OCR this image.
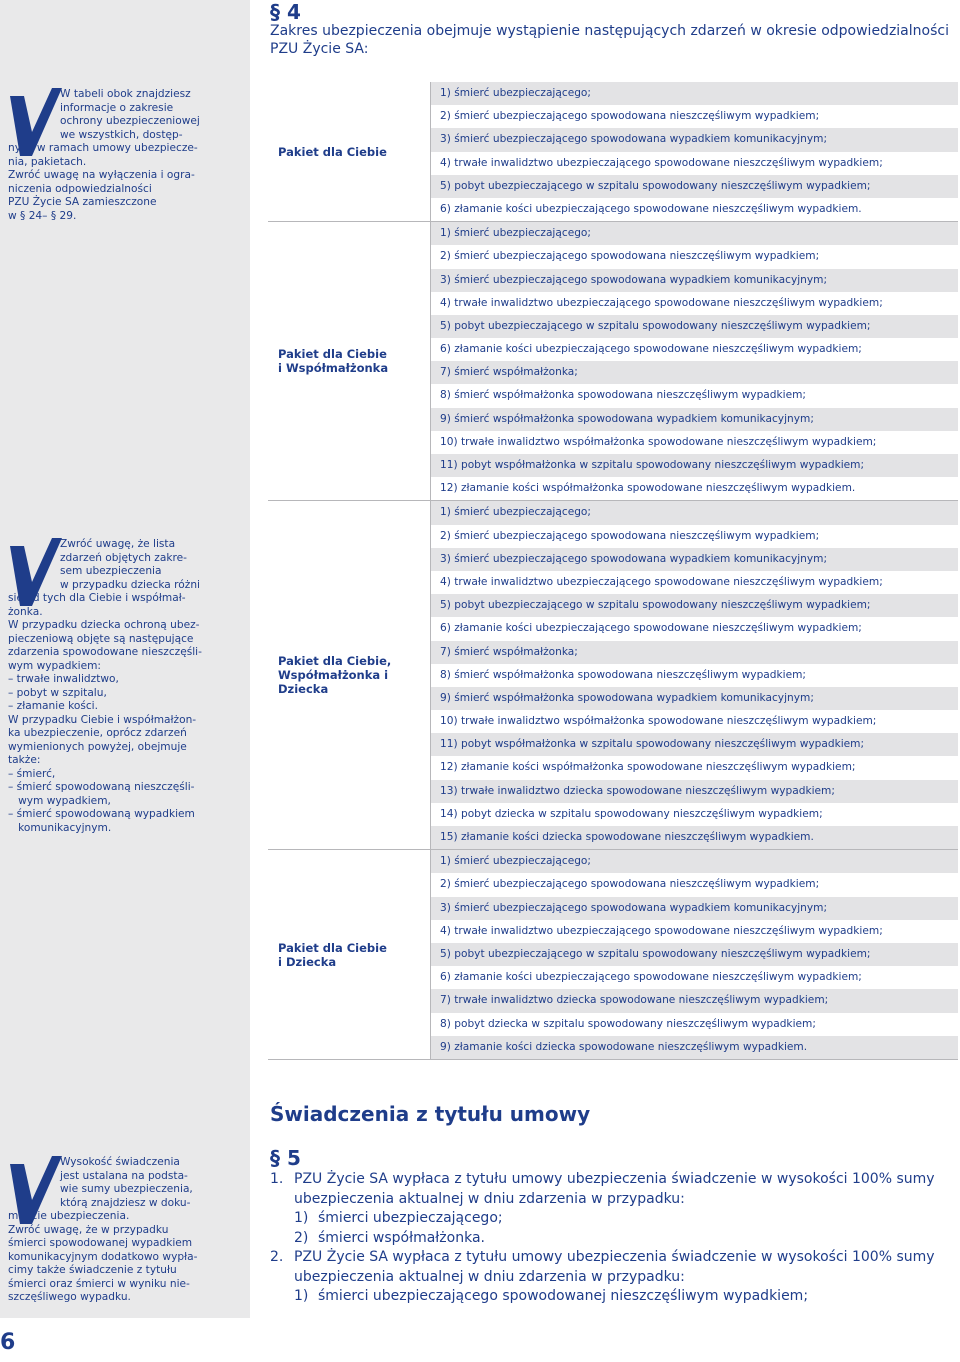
W tabeli obok znajdziesz
informacje o zakresie
ochrony ubezpieczeniowej
we wszystkich, dostęp-
nych w ramach umowy ubezpiecze-
nia, pakietach.
Zwróć uwagę na wyłączenia i ogra-
niczenia odpowiedzialności
PZU Życie SA zamieszczone
w § 24– § 29.
Zwróć uwagę, że lista
zdarzeń objętych zakre-
sem ubezpieczenia
w przypadku dziecka różni
się od tych dla Ciebie i współmał-
żonka.
W przypadku dziecka ochroną ubez-
pieczeniową objęte są następujące
zdarzenia spowodowane nieszczęśli-
wym wypadkiem:
– trwałe inwalidztwo,
– pobyt w szpitalu,
– złamanie kości.
W przypadku Ciebie i współmałżon-
ka ubezpieczenie, oprócz zdarzeń
wymienionych powyżej, obejmuje
także:
– śmierć,
– śmierć spowodowaną nieszczęśli-
wym wypadkiem,
– śmierć spowodowaną wypadkiem
komunikacyjnym.
Wysokość świadczenia
jest ustalana na podsta-
wie sumy ubezpieczenia,
którą znajdziesz w doku-
mencie ubezpieczenia.
Zwróć uwagę, że w przypadku
śmierci spowodowanej wypadkiem
komunikacyjnym dodatkowo wypła-
cimy także świadczenie z tytułu
śmierci oraz śmierci w wyniku nie-
szczęśliwego wypadku.
6
§ 4
Zakres ubezpieczenia obejmuje wystąpienie następujących zdarzeń w okresie odpowiedzialności PZU Życie SA:
Pakiet dla Ciebie
1) śmierć ubezpieczającego;
2) śmierć ubezpieczającego spowodowana nieszczęśliwym wypadkiem;
3) śmierć ubezpieczającego spowodowana wypadkiem komunikacyjnym;
4) trwałe inwalidztwo ubezpieczającego spowodowane nieszczęśliwym wypadkiem;
5) pobyt ubezpieczającego w szpitalu spowodowany nieszczęśliwym wypadkiem;
6) złamanie kości ubezpieczającego spowodowane nieszczęśliwym wypadkiem.
Pakiet dla Ciebie
i Współmałżonka
1) śmierć ubezpieczającego;
2) śmierć ubezpieczającego spowodowana nieszczęśliwym wypadkiem;
3) śmierć ubezpieczającego spowodowana wypadkiem komunikacyjnym;
4) trwałe inwalidztwo ubezpieczającego spowodowane nieszczęśliwym wypadkiem;
5) pobyt ubezpieczającego w szpitalu spowodowany nieszczęśliwym wypadkiem;
6) złamanie kości ubezpieczającego spowodowane nieszczęśliwym wypadkiem;
7) śmierć współmałżonka;
8) śmierć współmałżonka spowodowana nieszczęśliwym wypadkiem;
9) śmierć współmałżonka spowodowana wypadkiem komunikacyjnym;
10) trwałe inwalidztwo współmałżonka spowodowane nieszczęśliwym wypadkiem;
11) pobyt współmałżonka w szpitalu spowodowany nieszczęśliwym wypadkiem;
12) złamanie kości współmałżonka spowodowane nieszczęśliwym wypadkiem.
Pakiet dla Ciebie,
Współmałżonka i Dziecka
1) śmierć ubezpieczającego;
2) śmierć ubezpieczającego spowodowana nieszczęśliwym wypadkiem;
3) śmierć ubezpieczającego spowodowana wypadkiem komunikacyjnym;
4) trwałe inwalidztwo ubezpieczającego spowodowane nieszczęśliwym wypadkiem;
5) pobyt ubezpieczającego w szpitalu spowodowany nieszczęśliwym wypadkiem;
6) złamanie kości ubezpieczającego spowodowane nieszczęśliwym wypadkiem;
7) śmierć współmałżonka;
8) śmierć współmałżonka spowodowana nieszczęśliwym wypadkiem;
9) śmierć współmałżonka spowodowana wypadkiem komunikacyjnym;
10) trwałe inwalidztwo współmałżonka spowodowane nieszczęśliwym wypadkiem;
11) pobyt współmałżonka w szpitalu spowodowany nieszczęśliwym wypadkiem;
12) złamanie kości współmałżonka spowodowane nieszczęśliwym wypadkiem;
13) trwałe inwalidztwo dziecka spowodowane nieszczęśliwym wypadkiem;
14) pobyt dziecka w szpitalu spowodowany nieszczęśliwym wypadkiem;
15) złamanie kości dziecka spowodowane nieszczęśliwym wypadkiem.
Pakiet dla Ciebie
i Dziecka
1) śmierć ubezpieczającego;
2) śmierć ubezpieczającego spowodowana nieszczęśliwym wypadkiem;
3) śmierć ubezpieczającego spowodowana wypadkiem komunikacyjnym;
4) trwałe inwalidztwo ubezpieczającego spowodowane nieszczęśliwym wypadkiem;
5) pobyt ubezpieczającego w szpitalu spowodowany nieszczęśliwym wypadkiem;
6) złamanie kości ubezpieczającego spowodowane nieszczęśliwym wypadkiem;
7) trwałe inwalidztwo dziecka spowodowane nieszczęśliwym wypadkiem;
8) pobyt dziecka w szpitalu spowodowany nieszczęśliwym wypadkiem;
9) złamanie kości dziecka spowodowane nieszczęśliwym wypadkiem.
Świadczenia z tytułu umowy
§ 5
1. PZU Życie SA wypłaca z tytułu umowy ubezpieczenia świadczenie w wysokości 100% sumy
ubezpieczenia aktualnej w dniu zdarzenia w przypadku:
1) śmierci ubezpieczającego;
2) śmierci współmałżonka.
2. PZU Życie SA wypłaca z tytułu umowy ubezpieczenia świadczenie w wysokości 100% sumy
ubezpieczenia aktualnej w dniu zdarzenia w przypadku:
1) śmierci ubezpieczającego spowodowanej nieszczęśliwym wypadkiem;
